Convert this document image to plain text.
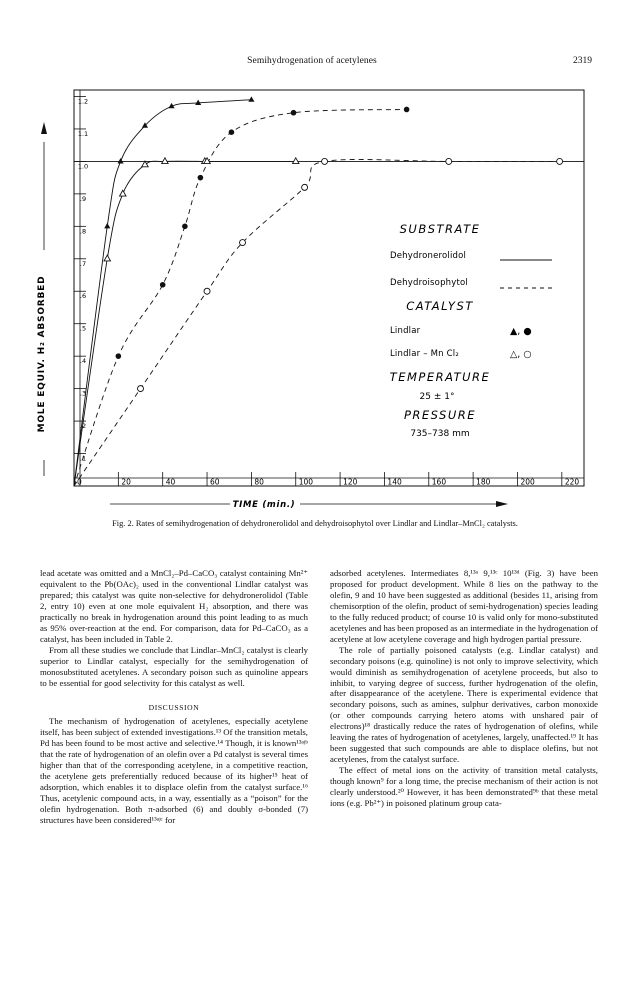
Semihydrogenation of acetylenes	2319
.1
.2
.3
.4
.5
.6
.7
.8
.9
1.0
1.1
1.2
0	20	40	60	80	100	120	140	160	180	200	220
MOLE EQUIV. H₂ ABSORBED
TIME (min.)
SUBSTRATE
Dehydronerolidol
Dehydroisophytol
CATALYST
Lindlar	▲, ●
Lindlar – Mn Cl₂	△, ○
TEMPERATURE
25 ± 1°
PRESSURE
735–738 mm
Fig. 2. Rates of semihydrogenation of dehydronerolidol and dehydroisophytol over Lindlar and Lindlar–MnCl₂ catalysts.

lead acetate was omitted and a MnCl₂–Pd–CaCO₃ catalyst containing Mn²⁺ equivalent to the Pb(OAc)₂ used in the conventional Lindlar catalyst was prepared; this catalyst was quite non-selective for dehydronerolidol (Table 2, entry 10) even at one mole equivalent H₂ absorption, and there was practically no break in hydrogenation around this point leading to as much as 95% over-reaction at the end. For comparison, data for Pd–CaCO₃ as a catalyst, has been included in Table 2.

From all these studies we conclude that Lindlar–MnCl₂ catalyst is clearly superior to Lindlar catalyst, especially for the semihydrogenation of monosubstituted acetylenes. A secondary poison such as quinoline appears to be essential for good selectivity for this catalyst as well.

DISCUSSION

The mechanism of hydrogenation of acetylenes, especially acetylene itself, has been subject of extended investigations.¹³ Of the transition metals, Pd has been found to be most active and selective.¹⁴ Though, it is known¹³ᵃʲᵇ that the rate of hydrogenation of an olefin over a Pd catalyst is several times higher than that of the corresponding acetylene, in a competitive reaction, the acetylene gets preferentially reduced because of its higher¹⁵ heat of adsorption, which enables it to displace olefin from the catalyst surface.¹⁶ Thus, acetylenic compound acts, in a way, essentially as a “poison” for the olefin hydrogenation. Both π-adsorbed (6) and doubly σ-bonded (7) structures have been considered¹³ᵃʲᶜ for

adsorbed acetylenes. Intermediates 8,¹³ᵃ 9,¹³ᶜ 10¹³ᵈ (Fig. 3) have been proposed for product development. While 8 lies on the pathway to the olefin, 9 and 10 have been suggested as additional (besides 11, arising from chemisorption of the olefin, product of semi-hydrogenation) species leading to the fully reduced product; of course 10 is valid only for mono-substituted acetylenes and has been proposed as an intermediate in the hydrogenation of acetylene at low acetylene coverage and high hydrogen partial pressure.

The role of partially poisoned catalysts (e.g. Lindlar catalyst) and secondary poisons (e.g. quinoline) is not only to improve selectivity, which would diminish as semihydrogenation of acetylene proceeds, but also to inhibit, to varying degree of success, further hydrogenation of the olefin, after disappearance of the acetylene. There is experimental evidence that secondary poisons, such as amines, sulphur derivatives, carbon monoxide (or other compounds carrying hetero atoms with unshared pair of electrons)¹⁸ drastically reduce the rates of hydrogenation of olefins, while leaving the rates of hydrogenation of acetylenes, largely, unaffected.¹⁹ It has been suggested that such compounds are able to displace olefins, but not acetylenes, from the catalyst surface.

The effect of metal ions on the activity of transition metal catalysts, though known⁹ for a long time, the precise mechanism of their action is not clearly understood.²⁰ However, it has been demonstrated⁹ᵇ that these metal ions (e.g. Pb²⁺) in poisoned platinum group cata-
